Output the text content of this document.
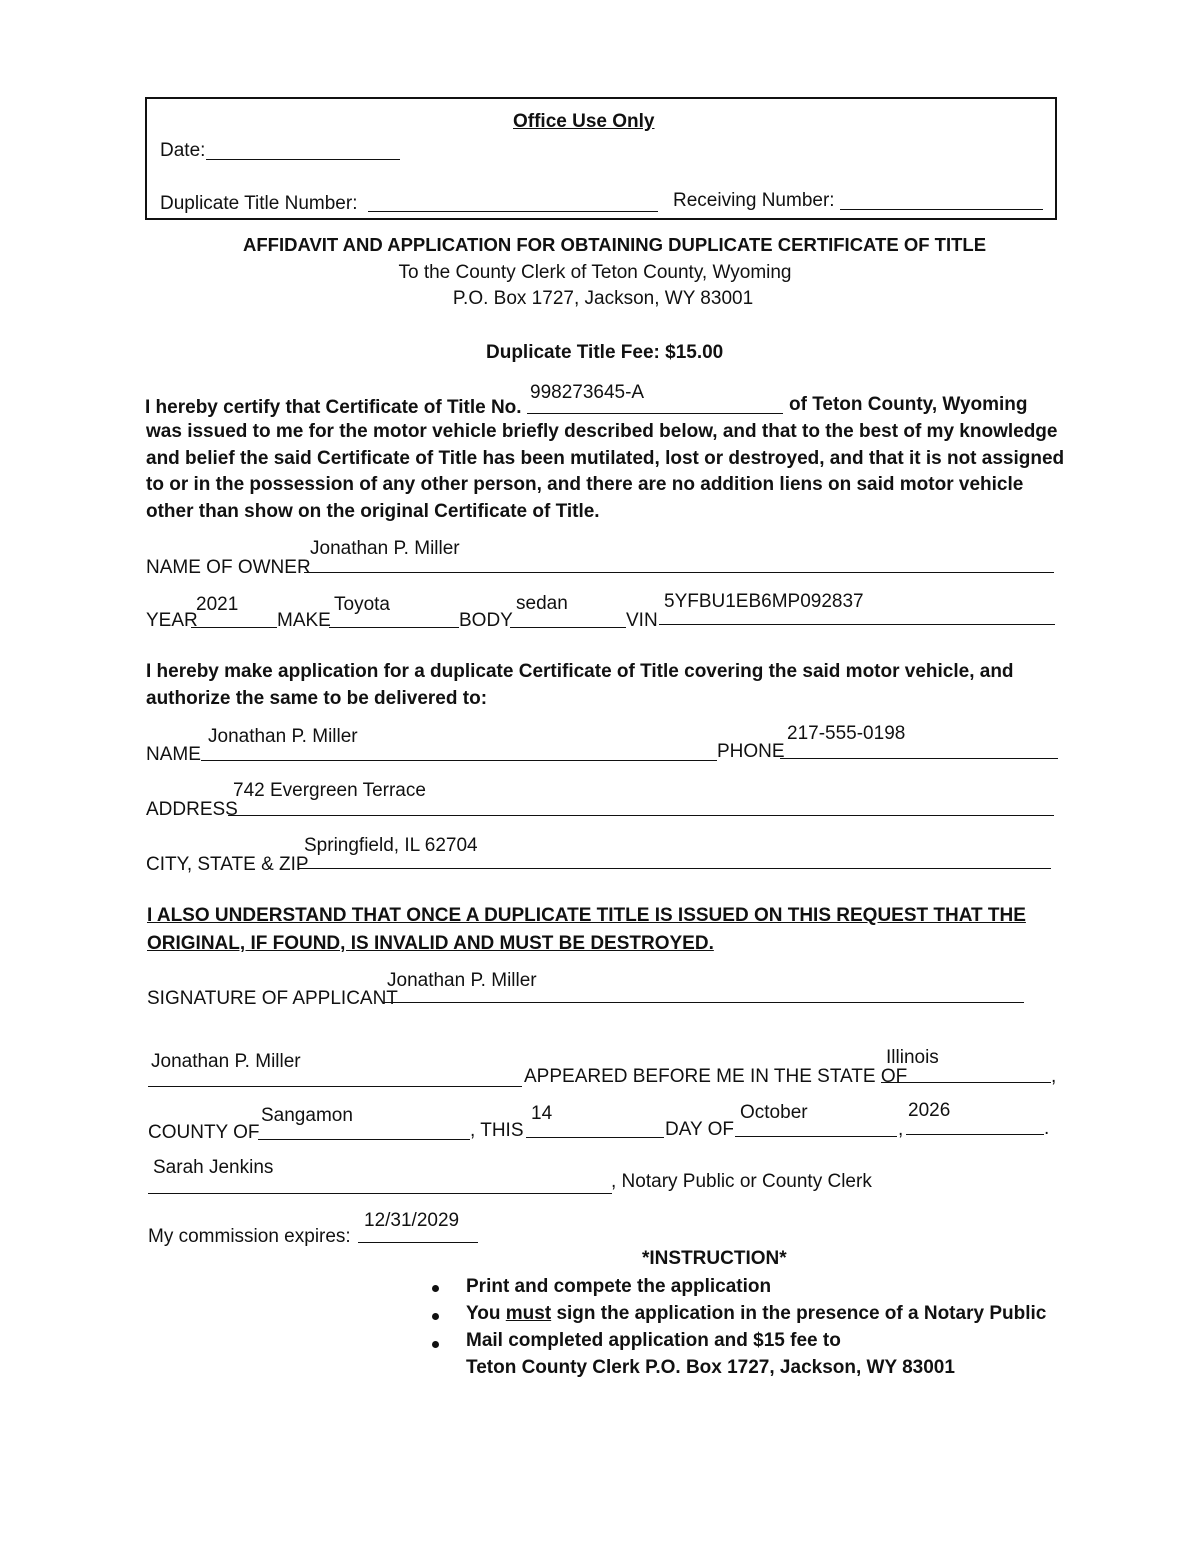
Office Use Only
Date:
Duplicate Title Number:	Receiving Number:
AFFIDAVIT AND APPLICATION FOR OBTAINING DUPLICATE CERTIFICATE OF TITLE
To the County Clerk of Teton County, Wyoming
P.O. Box 1727, Jackson, WY 83001
Duplicate Title Fee: $15.00
I hereby certify that Certificate of Title No.
998273645-A
of Teton County, Wyoming
was issued to me for the motor vehicle briefly described below, and that to the best of my knowledge
and belief the said Certificate of Title has been mutilated, lost or destroyed, and that it is not assigned
to or in the possession of any other person, and there are no addition liens on said motor vehicle
other than show on the original Certificate of Title.
NAME OF OWNER
Jonathan P. Miller
YEAR
2021
MAKE
Toyota
BODY
sedan
VIN
5YFBU1EB6MP092837
I hereby make application for a duplicate Certificate of Title covering the said motor vehicle, and
authorize the same to be delivered to:
NAME
Jonathan P. Miller
PHONE
217-555-0198
ADDRESS
742 Evergreen Terrace
CITY, STATE & ZIP
Springfield, IL 62704
I ALSO UNDERSTAND THAT ONCE A DUPLICATE TITLE IS ISSUED ON THIS REQUEST THAT THE
ORIGINAL, IF FOUND, IS INVALID AND MUST BE DESTROYED.
SIGNATURE OF APPLICANT
Jonathan P. Miller
Jonathan P. Miller
APPEARED BEFORE ME IN THE STATE OF
Illinois
,
COUNTY OF
Sangamon
, THIS
14
DAY OF
October
,
2026
.
Sarah Jenkins
, Notary Public or County Clerk
My commission expires:
12/31/2029
*INSTRUCTION*
Print and compete the application
You must sign the application in the presence of a Notary Public
Mail completed application and $15 fee to
Teton County Clerk P.O. Box 1727, Jackson, WY 83001
